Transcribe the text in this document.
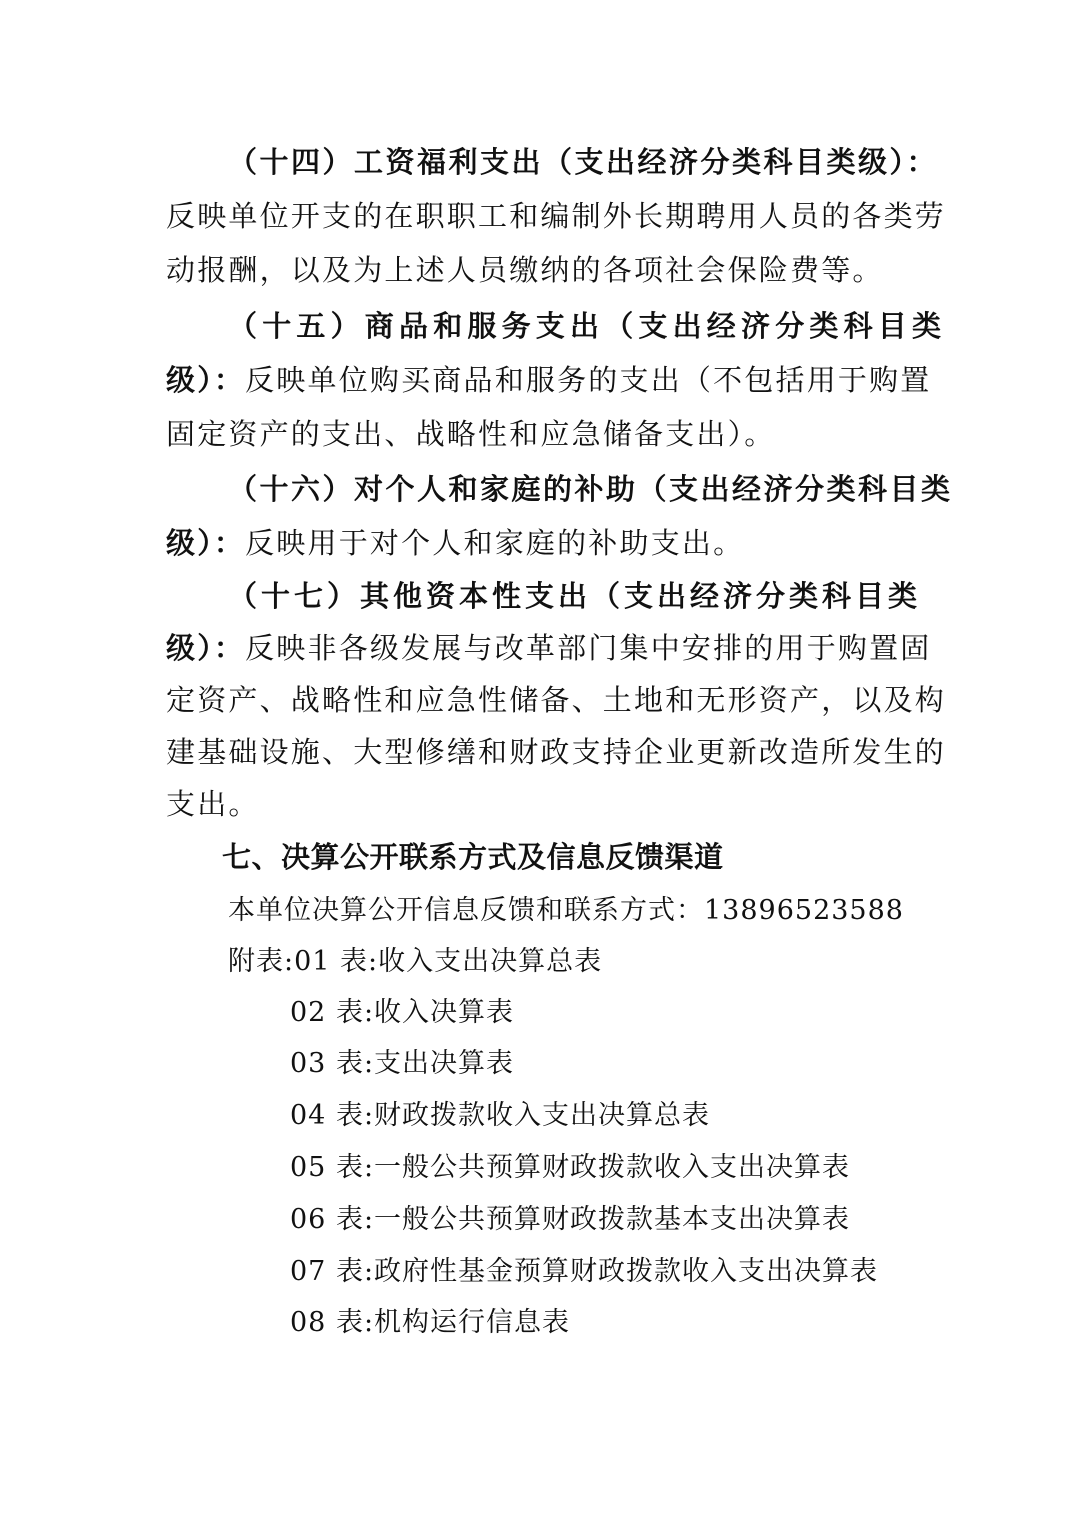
（十四）工资福利支出（支出经济分类科目类级）：
反映单位开支的在职职工和编制外长期聘用人员的各类劳
动报酬，以及为上述人员缴纳的各项社会保险费等。
（十五）商品和服务支出（支出经济分类科目类
级）：反映单位购买商品和服务的支出（不包括用于购置
固定资产的支出、战略性和应急储备支出）。
（十六）对个人和家庭的补助（支出经济分类科目类
级）：反映用于对个人和家庭的补助支出。
（十七）其他资本性支出（支出经济分类科目类
级）：反映非各级发展与改革部门集中安排的用于购置固
定资产、战略性和应急性储备、土地和无形资产，以及构
建基础设施、大型修缮和财政支持企业更新改造所发生的
支出。
七、决算公开联系方式及信息反馈渠道
本单位决算公开信息反馈和联系方式：13896523588
附表:01 表:收入支出决算总表
02 表:收入决算表
03 表:支出决算表
04 表:财政拨款收入支出决算总表
05 表:一般公共预算财政拨款收入支出决算表
06 表:一般公共预算财政拨款基本支出决算表
07 表:政府性基金预算财政拨款收入支出决算表
08 表:机构运行信息表
